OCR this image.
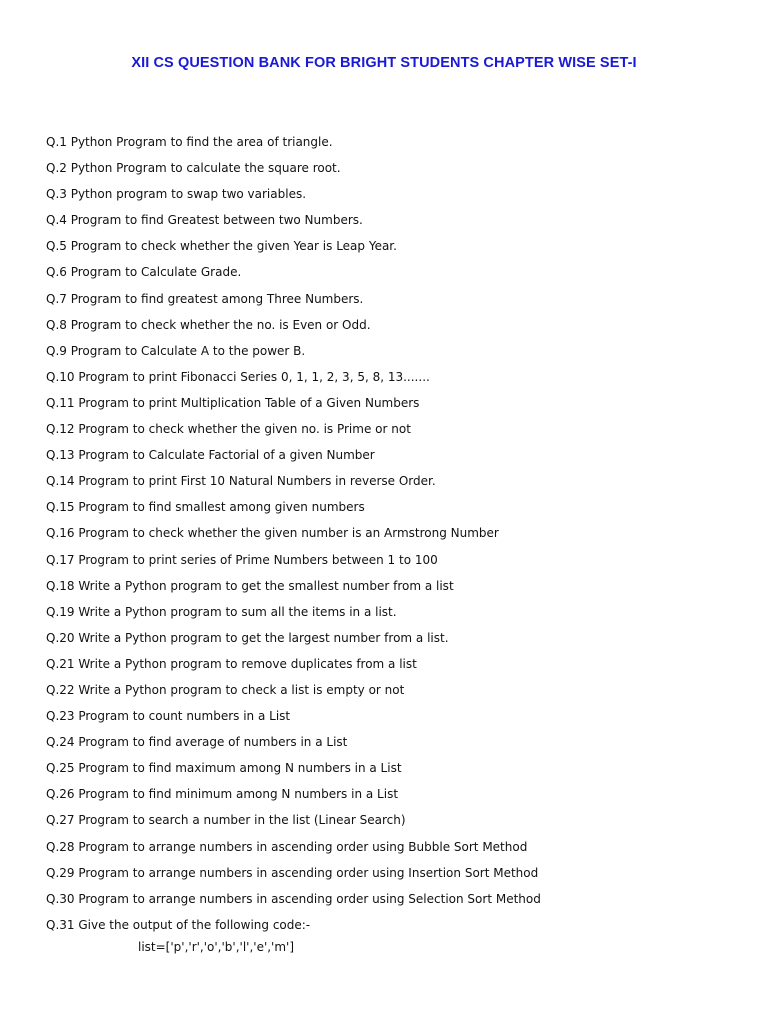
XII CS QUESTION BANK FOR BRIGHT STUDENTS CHAPTER WISE SET-I
Q.1 Python Program to find the area of triangle.
Q.2 Python Program to calculate the square root.
Q.3 Python program to swap two variables.
Q.4 Program to find Greatest between two Numbers.
Q.5 Program to check whether the given Year is Leap Year.
Q.6 Program to Calculate Grade.
Q.7 Program to find greatest among Three Numbers.
Q.8 Program to check whether the no. is Even or Odd.
Q.9 Program to Calculate A to the power B.
Q.10 Program to print Fibonacci Series 0, 1, 1, 2, 3, 5, 8, 13.......
Q.11 Program to print Multiplication Table of a Given Numbers
Q.12 Program to check whether the given no. is Prime or not
Q.13 Program to Calculate Factorial of a given Number
Q.14 Program to print First 10 Natural Numbers in reverse Order.
Q.15 Program to find smallest among given numbers
Q.16 Program to check whether the given number is an Armstrong Number
Q.17 Program to print series of Prime Numbers between 1 to 100
Q.18 Write a Python program to get the smallest number from a list
Q.19 Write a Python program to sum all the items in a list.
Q.20 Write a Python program to get the largest number from a list.
Q.21 Write a Python program to remove duplicates from a list
Q.22 Write a Python program to check a list is empty or not
Q.23 Program to count numbers in a List
Q.24 Program to find average of numbers in a List
Q.25 Program to find maximum among N numbers in a List
Q.26 Program to find minimum among N numbers in a List
Q.27 Program to search a number in the list (Linear Search)
Q.28 Program to arrange numbers in ascending order using Bubble Sort Method
Q.29 Program to arrange numbers in ascending order using Insertion Sort Method
Q.30 Program to arrange numbers in ascending order using Selection Sort Method
Q.31 Give the output of the following code:-
list=['p','r','o','b','l','e','m']
